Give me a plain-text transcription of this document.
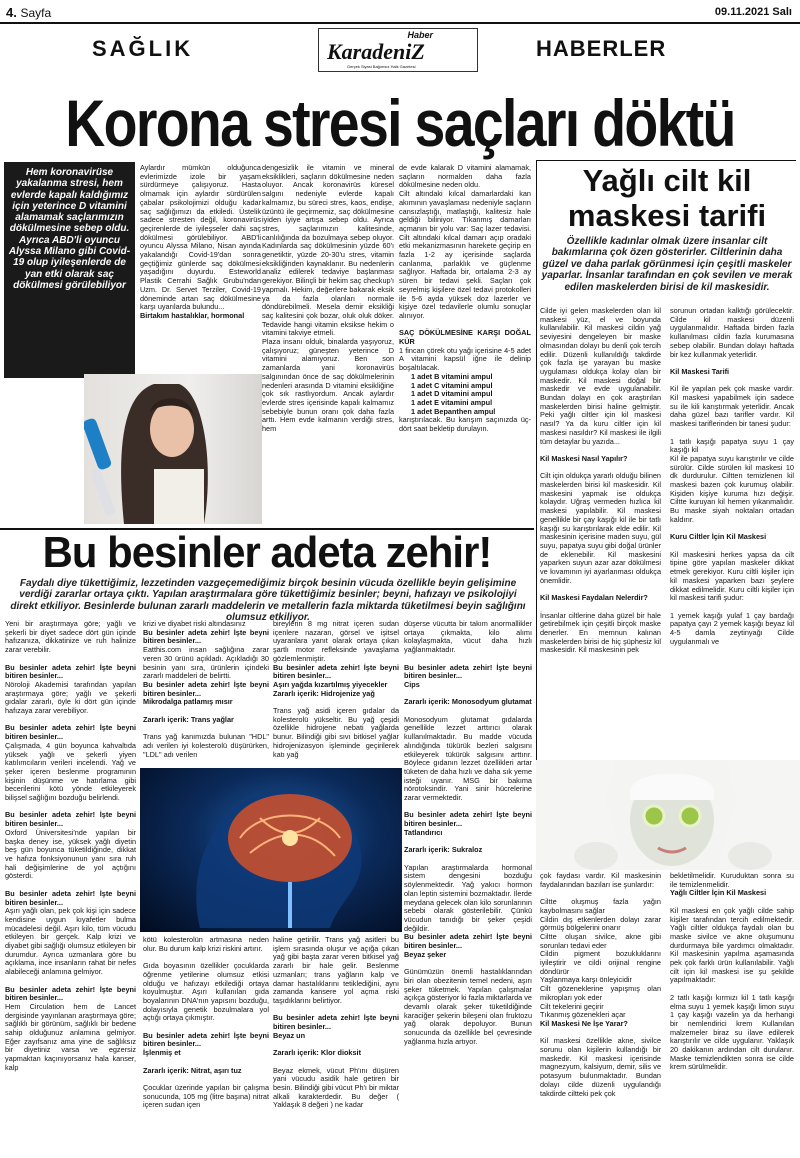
4. Sayfa	09.11.2021 Salı
SAĞLIK	HABERLER
Haber
KaradeniZ
Gerçek Siyasi Bağımsız Halk Gazetesi
Korona stresi saçları döktü
Hem koronavirüse yakalanma stresi, hem evlerde kapalı kaldığımız için yeterince D vitamini alamamak saçlarımızın dökülmesine sebep oldu. Ayrıca ABD'li oyuncu Alyssa Milano gibi Covid-19 olup iyileşenlerde de yan etki olarak saç dökülmesi görülebiliyor
Aylardır mümkün olduğunca evlerimizde izole bir yaşam sürdürmeye çalışıyoruz. Hasta olmamak için aylardır sürdürülen çabalar psikolojimizi olduğu kadar saç sağlığımızı da etkiledi. Üstelik sadece stresten değil, koronavirüs geçirenlerde de iyileşseler dahi saç dökülmesi görülebiliyor. ABD'li oyuncu Alyssa Milano, Nisan ayında yakalandığı Covid-19'dan sonra geçtiğimiz günlerde saç dökülmesi yaşadığını duyurdu. Esteworld Plastik Cerrahi Sağlık Grubu'ndan Uzm. Dr. Servet Terziler, Covid-19 döneminde artan saç dökülmesine karşı uyarılarda bulundu...
Birtakım hastalıklar, hormonal
dengesizlik ile vitamin ve mineral eksiklikleri, saçların dökülmesine neden oluyor. Ancak koronavirüs küresel salgını nedeniyle evlerde kapalı kalmamız, bu süreci stres, kaos, endişe, üzüntü ile geçirmemiz, saç dökülmesine iyiden iyiye artışa sebep oldu. Ayrıca stres, saçlarımızın kalitesinde, canlılığında da bozulmaya sebep oluyor. Kadınlarda saç dökülmesinin yüzde 60'ı genetiktir, yüzde 20-30'u stres, vitamin eksikliğinden kaynaklanır. Bu nedenlerin analiz edilerek tedaviye başlanması gerekiyor. Bilinçli bir hekim saç checkup'ı yapmalı. Hekim, değerlere bakarak eksik ya da fazla olanları normale döndürebilmeli. Mesela demir eksikliği saç kalitesini çok bozar, oluk oluk döker. Tedavide hangi vitamin eksikse hekim o vitamini takviye etmeli.
Plaza insanı olduk, binalarda yaşıyoruz, çalışıyoruz; güneşten yeterince D vitamini alamıyoruz. Ben son zamanlarda yani koronavirüs salgınından önce de saç dökülmelerinin nedenleri arasında D vitamini eksikliğine çok sık rastlıyordum. Ancak aylardır evlerde stres içerisinde kapalı kalmamız sebebiyle bunun oranı çok daha fazla arttı. Hem evde kalmanın verdiği stres, hem
de evde kalarak D vitamini alamamak, saçların normalden daha fazla dökülmesine neden oldu.
Cilt altındaki kılcal damarlardaki kan akımının yavaşlaması nedeniyle saçların cansızlaştığı, matlaştığı, kalitesiz hale geldiği biliniyor. Tıkanmış damarları açmanın bir yolu var: Saç lazer tedavisi. Cilt altındaki kılcal damarı açıp oradaki etki mekanizmasının harekete geçirip en fazla 1-2 ay içerisinde saçlarda canlanma, parlaklık ve güçlenme sağlıyor. Haftada bir, ortalama 2-3 ay süren bir tedavi şekli. Saçları çok seyrelmiş kişilere özel tedavi protokolleri ile 5-6 ayda yüksek doz lazerler ve kişiye özel tedavilerle olumlu sonuçlar alınıyor.

SAÇ DÖKÜLMESİNE KARŞI DOĞAL KÜR
1 fincan çörek otu yağı içerisine 4-5 adet A vitamini kapsül iğne ile delinip boşaltılacak.
1 adet B vitamini ampul
1 adet C vitamini ampul
1 adet D vitamini ampul
1 adet E vitamini ampul
1 adet Bepanthen ampul
karıştırılacak. Bu karışım saçınızda üç-dört saat bekletip durulayın.
Yağlı cilt kil maskesi tarifi
Özellikle kadınlar olmak üzere insanlar cilt bakımlarına çok özen gösterirler. Ciltlerinin daha güzel ve daha parlak görünmesi için çeşitli maskeler yaparlar. İnsanlar tarafından en çok sevilen ve merak edilen maskelerden birisi de kil maskesidir.
Cilde iyi gelen maskelerden olan kil maskesi yüz, el ve boyunda kullanılabilir. Kil maskesi cildin yağ seviyesini dengeleyen bir maske olmasından dolayı bu denli çok tercih edilir. Düzenli kullanıldığı takdirde çok fazla işe yarayan bu maske uygulaması oldukça kolay olan bir maskedir. Kil maskesi doğal bir maskedir ve evde uygulanabilir. Bundan dolayı en çok araştırılan maskelerden birisi haline gelmiştir. Peki yağlı ciltler için kil maskesi nasıl? Ya da kuru ciltler için kil maskesi nasıldır? Kil maskesi ile ilgili tüm detaylar bu yazıda...

Kil Maskesi Nasıl Yapılır?

Cilt için oldukça yararlı olduğu bilinen maskelerden birisi kil maskesidir. Kil maskesini yapmak ise oldukça kolaydır. Uğraş vermeden hızlıca kil maskesi yapılabilir. Kil maskesi genellikle bir çay kaşığı kil ile bir tatlı kaşığı su karıştırılarak elde edilir. Kil maskesinin içerisine maden suyu, gül suyu, papatya suyu gibi doğal ürünler de eklenebilir. Kil maskesini yaparken suyun azar azar dökülmesi ve kıvamının iyi ayarlanması oldukça önemlidir.

Kil Maskesi Faydaları Nelerdir?

İnsanlar ciltlerine daha güzel bir hale getirebilmek için çeşitli birçok maske denerler. En memnun kalınan maskelerden birisi de hiç şüphesiz kil maskesidir. Kil maskesinin pek
sorunun ortadan kalktığı görülecektir. Cilde kil maskesi düzenli uygulanmalıdır. Haftada birden fazla kullanılması cildin fazla kurumasına sebep olabilir. Bundan dolayı haftada bir kez kullanmak yeterlidir.

Kil Maskesi Tarifi

Kil ile yapılan pek çok maske vardır. Kil maskesi yapabilmek için sadece su ile kili karıştırmak yeterlidir. Ancak daha güzel bazı tarifler vardır. Kil maskesi tariflerinden bir tanesi şudur:

1 tatlı kaşığı papatya suyu 1 çay kaşığı kil
Kil ile papatya suyu karıştırılır ve cilde sürülür. Cilde sürülen kil maskesi 10 dk durdurulur. Ciltten temizlenen kil maskesi bazen çok kurumuş olabilir. Kişiden kişiye kuruma hızı değişir. Ciltte kuruyan kil hemen yıkanmalıdır. Bu maske siyah noktaları ortadan kaldırır.

Kuru Ciltler İçin Kil Maskesi

Kil maskesini herkes yapsa da cilt tipine göre yapılan maskeler dikkat etmek gerekiyor. Kuru ciltli kişiler için kil maskesi yaparken bazı şeylere dikkat edilmelidir. Kuru ciltli kişiler için kil maskesi tarifi şudur:

1 yemek kaşığı yulaf 1 çay bardağı papatya çayı 2 yemek kaşığı beyaz kil 4-5 damla zeytinyağı Cilde uygulanmalı ve
çok faydası vardır. Kil maskesinin faydalarından bazıları ise şunlardır:

Ciltte oluşmuş fazla yağın kaybolmasını sağlar
Cildin dış etkenlerden dolayı zarar görmüş bölgelerini onarır
Ciltte oluşan sivilce, akne gibi sorunları tedavi eder
Cildin pigment bozukluklarını iyileştirir ve cildi orijinal rengine döndürür
Yaşlanmaya karşı önleyicidir
Cilt gözeneklerine yapışmış olan mikropları yok eder
Cilt tekelerini geçirir
Tıkanmış gözenekleri açar
Kil Maskesi Ne İşe Yarar?

Kil maskesi özellikle akne, sivilce sorunu olan kişilerin kullandığı bir maskedir. Kil maskesi içerisinde magnezyum, kalsiyum, demir, silis ve potasyum bulunmaktadır. Bundan dolayı cilde düzenli uygulandığı takdirde ciltteki pek çok
bekletilmelidir. Kuruduktan sonra su ile temizlenmelidir.
Yağlı Ciltler İçin Kil Maskesi

Kil maskesi en çok yağlı cilde sahip kişiler tarafından tercih edilmektedir. Yağlı ciltler oldukça faydalı olan bu maske sivilce ve akne oluşumunu durdurmaya bile yardımcı olmaktadır. Kil maskesinin yapılma aşamasında pek çok farklı ürün kullanılabilir. Yağlı cilt için kil maskesi ise şu şekilde yapılmaktadır:

2 tatlı kaşığı kırmızı kil 1 tatlı kaşığı elma suyu 1 yemek kaşığı limon suyu 1 çay kaşığı vazelin ya da herhangi bir nemlendirici krem Kullanılan malzemeler biraz su ilave edilerek karıştırılır ve cilde uygulanır. Yaklaşık 20 dakikanın ardından cilt durulanır. Maske temizlendikten sonra ise cilde krem sürülmelidir.
Bu besinler adeta zehir!
Faydalı diye tükettiğimiz, lezzetinden vazgeçemediğimiz birçok besinin vücuda özellikle beyin gelişimine verdiği zararlar ortaya çıktı. Yapılan araştırmalara göre tükettiğimiz besinler; beyni, hafızayı ve psikolojiyi direkt etkiliyor. Besinlerde bulunan zararlı maddelerin ve metallerin fazla miktarda tüketilmesi beyin sağlığını olumsuz etkiliyor.
Yeni bir araştırmaya göre; yağlı ve şekerli bir diyet sadece dört gün içinde hafızanıza, dikkatinize ve ruh halinize zarar verebilir.

Bu besinler adeta zehir! İşte beyni bitiren besinler...
Nöroloji Akademisi tarafından yapılan araştırmaya göre; yağlı ve şekerli gıdalar zararlı, öyle ki dört gün içinde hafızaya zarar verebiliyor.

Bu besinler adeta zehir! İşte beyni bitiren besinler...
Çalışmada, 4 gün boyunca kahvaltıda yüksek yağlı ve şekerli yiyen katılımcıların verileri incelendi. Yağ ve şeker içeren beslenme programının kişinin düşünme ve hatırlama gibi becerilerini kötü yönde etkileyerek bilişsel sağlığını bozduğu belirlendi.

Bu besinler adeta zehir! İşte beyni bitiren besinler...
Oxford Üniversitesi'nde yapılan bir başka deney ise, yüksek yağlı diyetin beş gün boyunca tüketildiğinde, dikkat ve hafıza fonksiyonunun yanı sıra ruh hali değişimlerine de yol açtığını gösterdi.

Bu besinler adeta zehir! İşte beyni bitiren besinler...
Aşırı yağlı olan, pek çok kişi için sadece kendisine uygun kıyafetler bulma mücadelesi değil. Aşırı kilo, tüm vücudu etkileyen bir gerçek. Kalp krizi ve diyabet gibi sağlığı olumsuz etkileyen bir durumdur. Ayrıca uzmanlara göre bu açıklama, ince insanların rahat bir nefes alabileceği anlamına gelmiyor.

Bu besinler adeta zehir! İşte beyni bitiren besinler...
Hem Circulation hem de Lancet dergisinde yayınlanan araştırmaya göre; sağlıklı bir görünüm, sağlıklı bir bedene sahip olduğunuz anlamına gelmiyor. Eğer zayıfsanız ama yine de sağlıksız bir diyetiniz varsa ve egzersiz yapmaktan kaçınıyorsanız hala kanser, kalp
krizi ve diyabet riski altındasınız
Bu besinler adeta zehir! İşte beyni bitiren besinler...
Eatthis.com insan sağlığına zarar veren 30 ürünü açıkladı. Açıkladığı 30 besinin yanı sıra, ürünlerin içindeki zararlı maddeleri de belirtti.
Bu besinler adeta zehir! İşte beyni bitiren besinler...
Mikrodalga patlamış mısır

Zararlı içerik: Trans yağlar

Trans yağ kanımızda bulunan "HDL" adı verilen iyi kolesterolü düşürürken, "LDL" adı verilen
bireylerin 8 mg nitrat içeren sudan içenlere nazaran, görsel ve işitsel uyaranlara yanıt olarak ortaya çıkan şartlı motor refleksinde yavaşlama gözlemlenmiştir.
Bu besinler adeta zehir! İşte beyni bitiren besinler...
Aşırı yağda kızartılmış yiyecekler
Zararlı içerik: Hidrojenize yağ

Trans yağ asidi içeren gıdalar da kolesterolü yükseltir. Bu yağ çeşidi özellikle hidrojene nebati yağlarda bunur. Bilindiği gibi sıvı bitkisel yağlar hidrojenizasyon işleminde geçirilerek katı yağ
kötü kolesterolün artmasına neden olur. Bu durum kalp krizi riskini artırır.

Gıda boyasının özellikler çocuklarda öğrenme yetilerine olumsuz etkisi olduğu ve hafızayı etkilediği ortaya koyulmuştur. Aşırı kullanılan gıda boyalarının DNA'nın yapısını bozduğu, dolayısıyla genetik bozulmalara yol açtığı ortaya çıkmıştır.

Bu besinler adeta zehir! İşte beyni bitiren besinler...
İşlenmiş et

Zararlı içerik: Nitrat, aşırı tuz

Çocuklar üzerinde yapılan bir çalışma sonucunda, 105 mg (litre başına) nitrat içeren sudan içen
haline getirilir. Trans yağ asitleri bu işlem sırasında oluşur ve açığa çıkan yağ gibi başta zarar veren bitkisel yağ zararlı bir hale gelir. Beslenme uzmanları; trans yağların kalp ve damar hastalıklarını tetiklediğini, aynı zamanda kansere yol açma riski taşıdıklarını belirtiyor.

Bu besinler adeta zehir! İşte beyni bitiren besinler...
Beyaz un

Zararlı içerik: Klor dioksit

Beyaz ekmek, vücut Ph'ını düşüren yani vücudu asidik hale getiren bir besin. Bilindiği gibi vücut Ph'ı bir miktar alkali karakterdedir. Bu değer ( Yaklaşık 8 değeri ) ne kadar
düşerse vücutta bir takım anormallikler ortaya çıkmakta, kilo alımı kolaylaşmakta, vücut daha hızlı yağlanmaktadır.

Bu besinler adeta zehir! İşte beyni bitiren besinler...
Cips

Zararlı içerik: Monosodyum glutamat

Monosodyum glutamat gıdalarda genellikle lezzet arttırıcı olarak kullanılmaktadır. Bu madde vücuda alındığında tükürük bezleri salgısını etkileyerek tükürük salgısını arttırır. Böylece gıdanın lezzet özellikleri artar tüketen de daha hızlı ve daha sık yeme isteği uyanır. MSG bir bakıma nörotoksindir. Yani sinir hücrelerine zarar vermektedir.

Bu besinler adeta zehir! İşte beyni bitiren besinler...
Tatlandırıcı

Zararlı içerik: Sukraloz

Yapılan araştırmalarda hormonal sistem dengesini bozduğu söylenmektedir. Yağ yakıcı hormon olan leptin sistemini bozmaktadır. İlerde meydana gelecek olan kilo sorunlarının sebebi olarak gösterilebilir. Çünkü vücudun tanıdığı bir şeker çeşidi değildir.
Bu besinler adeta zehir! İşte beyni bitiren besinler...
Beyaz şeker

Günümüzün önemli hastalıklarından biri olan obezitenin temel nedeni, aşırı şeker tüketmek. Yapılan çalışmalar açıkça gösteriyor ki fazla miktarlarda ve devamlı olarak şeker tüketildiğinde karaciğer şekerin bileşeni olan fruktozu yağ olarak depoluyor. Bunun sonucunda da özellikle bel çevresinde yağlanma hızla artıyor.
